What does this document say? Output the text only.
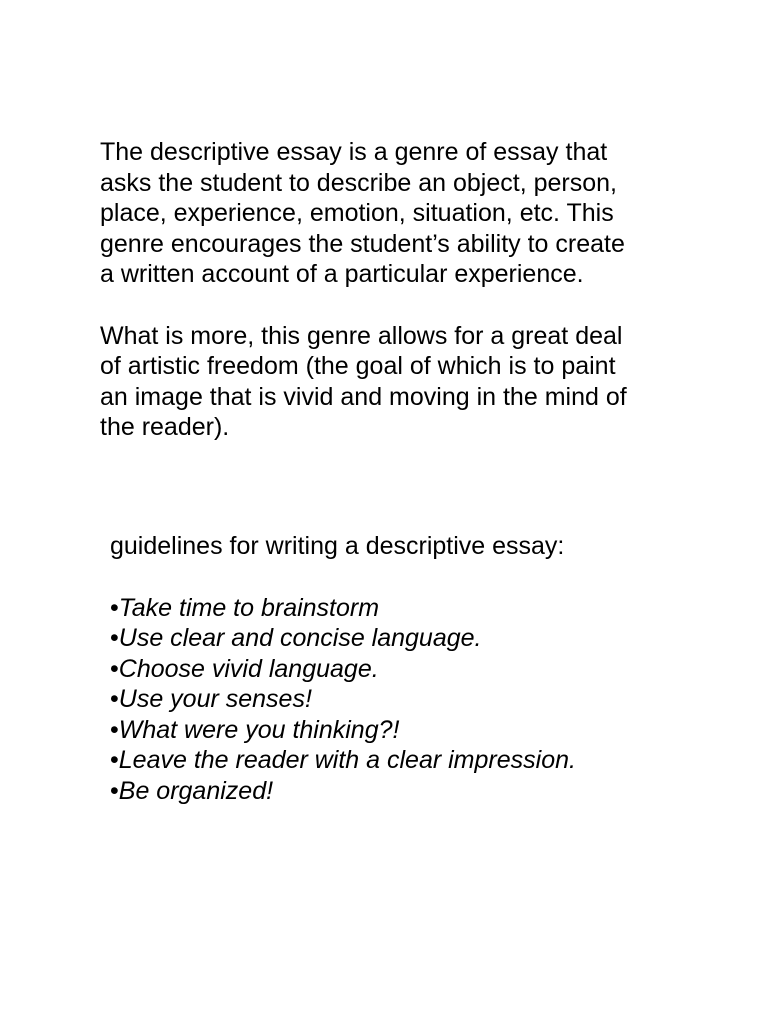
The descriptive essay is a genre of essay that
asks the student to describe an object, person,
place, experience, emotion, situation, etc. This
genre encourages the student’s ability to create
a written account of a particular experience.

What is more, this genre allows for a great deal
of artistic freedom (the goal of which is to paint
an image that is vivid and moving in the mind of
the reader).

guidelines for writing a descriptive essay:

•Take time to brainstorm
•Use clear and concise language.
•Choose vivid language.
•Use your senses!
•What were you thinking?!
•Leave the reader with a clear impression.
•Be organized!
